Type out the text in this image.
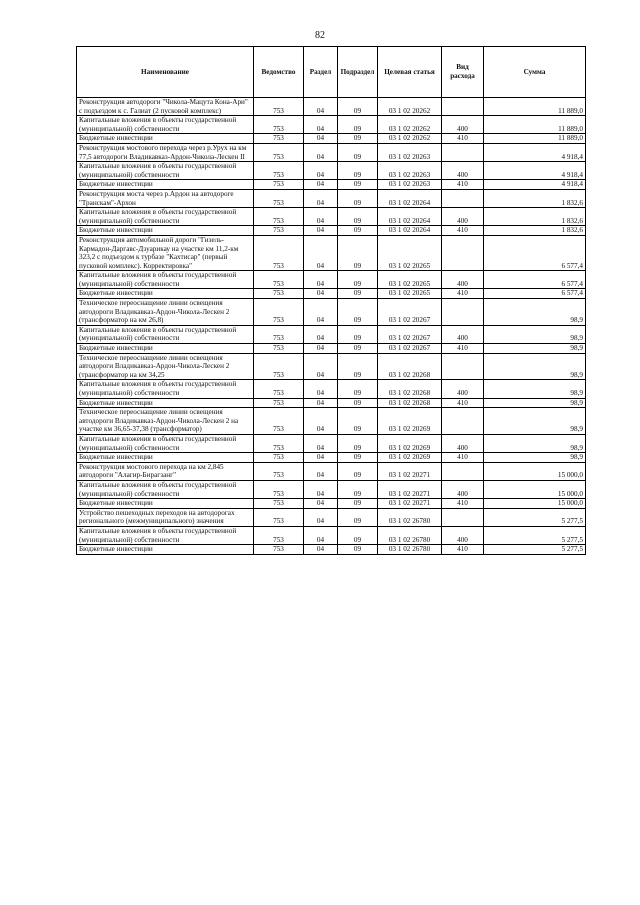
82
Наименование	Ведомство	Раздел	Подраздел	Целевая статья	Вид расхода	Сумма
Реконструкция автодороги "Чикола-Мацута Кона-Ари" с подъездом к с. Галиат (2 пусковой комплекс)	753	04	09	03 1 02 20262		11 889,0
Капитальные вложения в объекты государственной (муниципальной) собственности	753	04	09	03 1 02 20262	400	11 889,0
Бюджетные инвестиции	753	04	09	03 1 02 20262	410	11 889,0
Реконструкция мостового перехода через р.Урух на км 77,5 автодороги Владикавказ-Ардон-Чикола-Лескен II	753	04	09	03 1 02 20263		4 918,4
Капитальные вложения в объекты государственной (муниципальной) собственности	753	04	09	03 1 02 20263	400	4 918,4
Бюджетные инвестиции	753	04	09	03 1 02 20263	410	4 918,4
Реконструкция моста через р.Ардон на автодороге "Транскам"-Архон	753	04	09	03 1 02 20264		1 832,6
Капитальные вложения в объекты государственной (муниципальной) собственности	753	04	09	03 1 02 20264	400	1 832,6
Бюджетные инвестиции	753	04	09	03 1 02 20264	410	1 832,6
Реконструкция автомобильной дороги "Гизель-Кармадон-Даргавс-Дзуарикау на участке км 11,2-км 323,2 с подъездом к турбазе "Кахтисар" (первый пусковой комплекс). Корректировка"	753	04	09	03 1 02 20265		6 577,4
Капитальные вложения в объекты государственной (муниципальной) собственности	753	04	09	03 1 02 20265	400	6 577,4
Бюджетные инвестиции	753	04	09	03 1 02 20265	410	6 577,4
Техническое переоснащение линии освещения автодороги Владикавказ-Ардон-Чикола-Лескен 2 (трансформатор на км 26,8)	753	04	09	03 1 02 20267		98,9
Капитальные вложения в объекты государственной (муниципальной) собственности	753	04	09	03 1 02 20267	400	98,9
Бюджетные инвестиции	753	04	09	03 1 02 20267	410	98,9
Техническое переоснащение линии освещения автодороги Владикавказ-Ардон-Чикола-Лескен 2 (трансформатор на км 34,25	753	04	09	03 1 02 20268		98,9
Капитальные вложения в объекты государственной (муниципальной) собственности	753	04	09	03 1 02 20268	400	98,9
Бюджетные инвестиции	753	04	09	03 1 02 20268	410	98,9
Техническое переоснащение линии освещения автодороги Владикавказ-Ардон-Чикола-Лескен 2 на участке км 36,65-37,38 (трансформатор)	753	04	09	03 1 02 20269		98,9
Капитальные вложения в объекты государственной (муниципальной) собственности	753	04	09	03 1 02 20269	400	98,9
Бюджетные инвестиции	753	04	09	03 1 02 20269	410	98,9
Реконструкция мостового перехода на км 2,845 автодороги "Алагир-Бирагзанг"	753	04	09	03 1 02 20271		15 000,0
Капитальные вложения в объекты государственной (муниципальной) собственности	753	04	09	03 1 02 20271	400	15 000,0
Бюджетные инвестиции	753	04	09	03 1 02 20271	410	15 000,0
Устройство пешеходных переходов на автодорогах регионального (межмуниципального) значения	753	04	09	03 1 02 26780		5 277,5
Капитальные вложения в объекты государственной (муниципальной) собственности	753	04	09	03 1 02 26780	400	5 277,5
Бюджетные инвестиции	753	04	09	03 1 02 26780	410	5 277,5
